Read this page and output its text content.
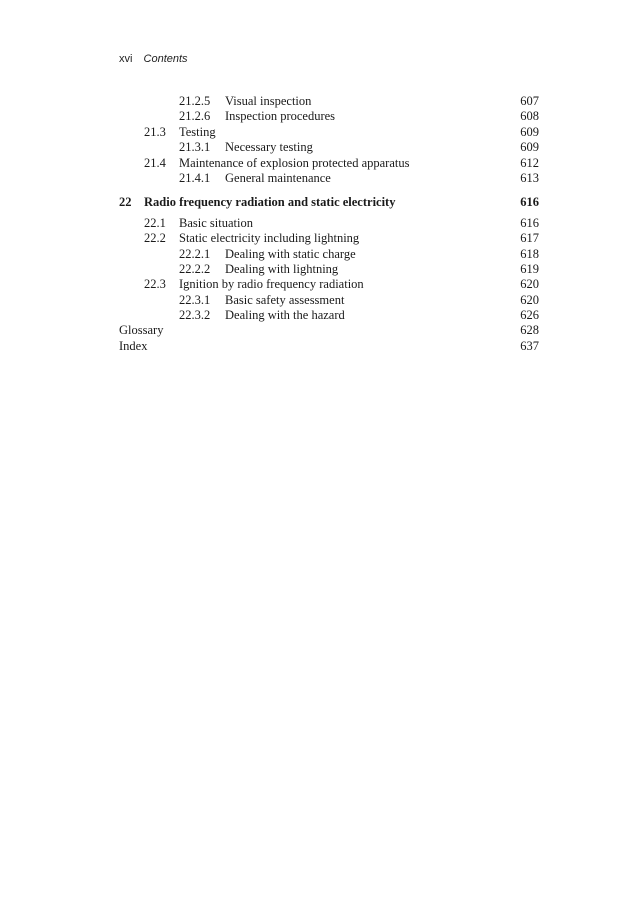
xvi Contents
21.2.5 Visual inspection	607
21.2.6 Inspection procedures	608
21.3 Testing	609
21.3.1 Necessary testing	609
21.4 Maintenance of explosion protected apparatus	612
21.4.1 General maintenance	613
22 Radio frequency radiation and static electricity	616
22.1 Basic situation	616
22.2 Static electricity including lightning	617
22.2.1 Dealing with static charge	618
22.2.2 Dealing with lightning	619
22.3 Ignition by radio frequency radiation	620
22.3.1 Basic safety assessment	620
22.3.2 Dealing with the hazard	626
Glossary	628
Index	637
